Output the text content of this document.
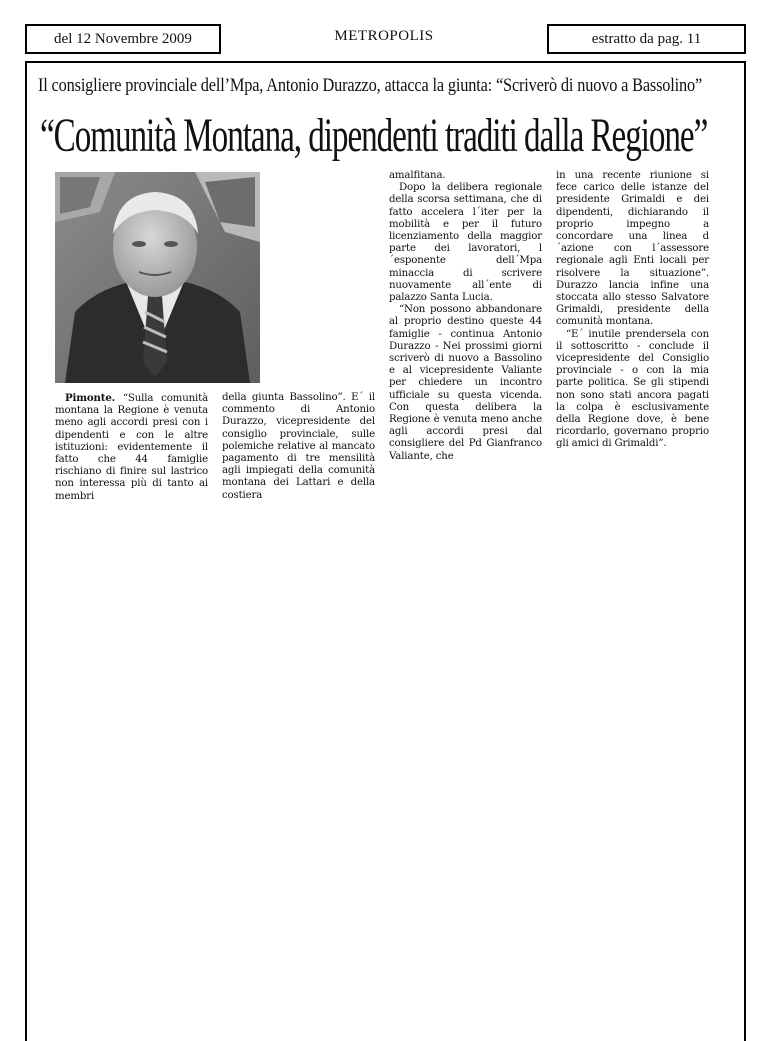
del 12 Novembre 2009	METROPOLIS	estratto da pag. 11
Il consigliere provinciale dell’Mpa, Antonio Durazzo, attacca la giunta: “Scriverò di nuovo a Bassolino”
“Comunità Montana, dipendenti traditi dalla Regione”

Pimonte. “Sulla comunità montana la Regione è venuta meno agli accordi presi con i dipendenti e con le altre istituzioni: evidentemente il fatto che 44 famiglie rischiano di finire sul lastrico non interessa più di tanto ai membri

della giunta Bassolino”. E´ il commento di Antonio Durazzo, vicepresidente del consiglio provinciale, sulle polemiche relative al mancato pagamento di tre mensilità agli impiegati della comunità montana dei Lattari e della costiera

amalfitana.

Dopo la delibera regionale della scorsa settimana, che di fatto accelera l´iter per la mobilità e per il futuro licenziamento della maggior parte dei lavoratori, l´esponente dell´Mpa minaccia di scrivere nuovamente all´ente di palazzo Santa Lucia.

“Non possono abbandonare al proprio destino queste 44 famiglie - continua Antonio Durazzo - Nei prossimi giorni scriverò di nuovo a Bassolino e al vicepresidente Valiante per chiedere un incontro ufficiale su questa vicenda. Con questa delibera la Regione è venuta meno anche agli accordi presi dal consigliere del Pd Gianfranco Valiante, che

in una recente riunione si fece carico delle istanze del presidente Grimaldi e dei dipendenti, dichiarando il proprio impegno a concordare una linea d´azione con l´assessore regionale agli Enti locali per risolvere la situazione”. Durazzo lancia infine una stoccata allo stesso Salvatore Grimaldi, presidente della comunità montana.

“E´ inutile prendersela con il sottoscritto - conclude il vicepresidente del Consiglio provinciale - o con la mia parte politica. Se gli stipendi non sono stati ancora pagati la colpa è esclusivamente della Regione dove, è bene ricordarlo, governano proprio gli amici di Grimaldi”.
